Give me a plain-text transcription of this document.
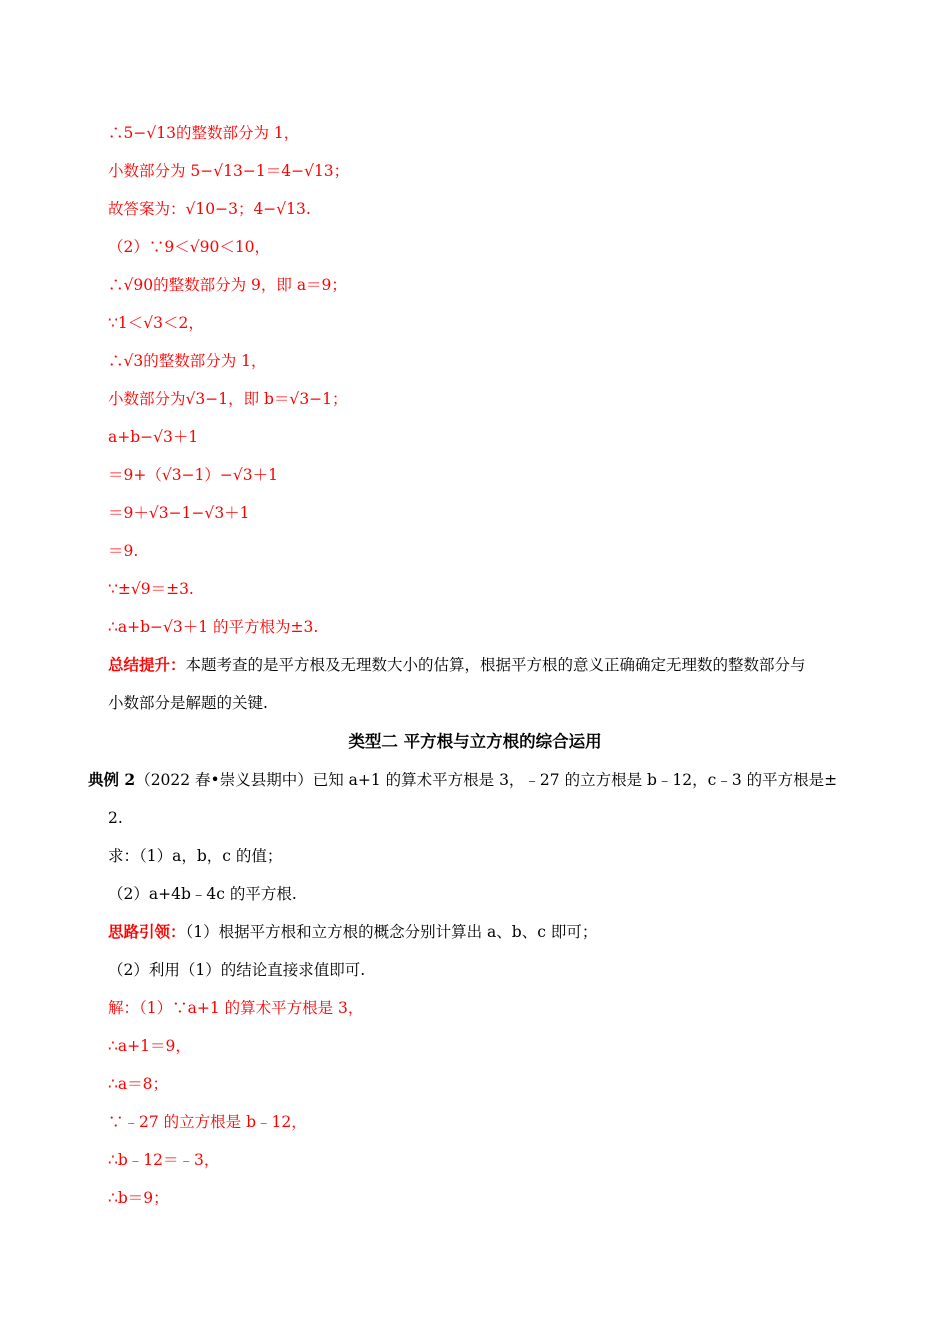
∴5−√13的整数部分为 1，
小数部分为 5−√13−1＝4−√13；
故答案为：√10−3；4−√13.
（2）∵9＜√90＜10，
∴√90的整数部分为 9，即 a＝9；
∵1＜√3＜2，
∴√3的整数部分为 1，
小数部分为√3−1，即 b＝√3−1；
a+b−√3＋1
＝9+（√3−1）−√3＋1
＝9＋√3−1−√3＋1
＝9.
∵±√9＝±3.
∴a+b−√3＋1 的平方根为±3.
总结提升：本题考查的是平方根及无理数大小的估算，根据平方根的意义正确确定无理数的整数部分与
小数部分是解题的关键.
类型二 平方根与立方根的综合运用
典例 2（2022 春•崇义县期中）已知 a+1 的算术平方根是 3，﹣27 的立方根是 b﹣12，c﹣3 的平方根是±
2.
求：（1）a，b，c 的值；
（2）a+4b﹣4c 的平方根.
思路引领：（1）根据平方根和立方根的概念分别计算出 a、b、c 即可；
（2）利用（1）的结论直接求值即可.
解：（1）∵a+1 的算术平方根是 3，
∴a+1＝9，
∴a＝8；
∵﹣27 的立方根是 b﹣12，
∴b﹣12＝﹣3，
∴b＝9；
